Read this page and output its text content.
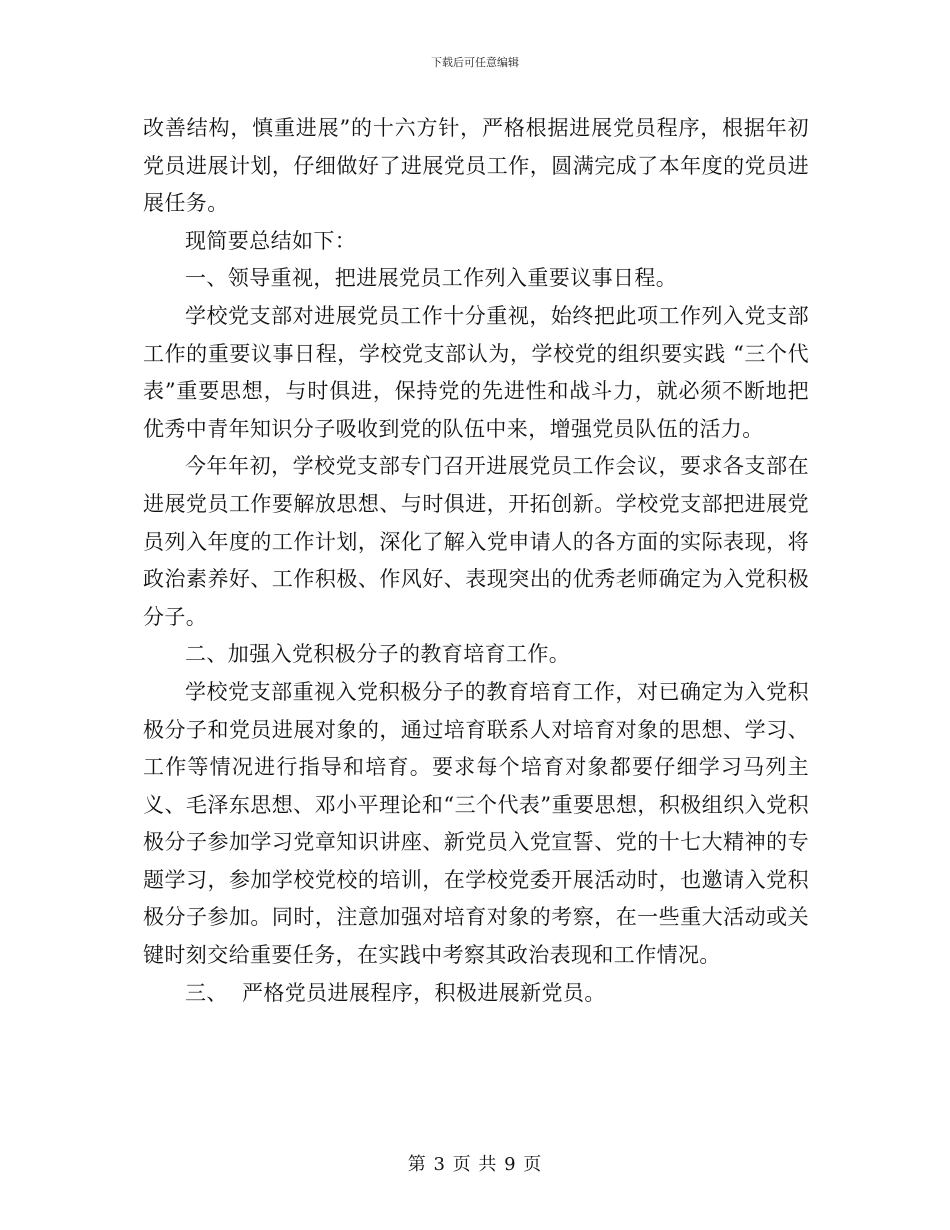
下载后可任意编辑

改善结构，慎重进展”的十六方针，严格根据进展党员程序，根据年初党员进展计划，仔细做好了进展党员工作，圆满完成了本年度的党员进展任务。

现简要总结如下：

一、领导重视，把进展党员工作列入重要议事日程。

学校党支部对进展党员工作十分重视，始终把此项工作列入党支部工作的重要议事日程，学校党支部认为，学校党的组织要实践 “三个代表”重要思想，与时俱进，保持党的先进性和战斗力，就必须不断地把优秀中青年知识分子吸收到党的队伍中来，增强党员队伍的活力。

今年年初，学校党支部专门召开进展党员工作会议，要求各支部在进展党员工作要解放思想、与时俱进，开拓创新。学校党支部把进展党员列入年度的工作计划，深化了解入党申请人的各方面的实际表现，将政治素养好、工作积极、作风好、表现突出的优秀老师确定为入党积极分子。

二、加强入党积极分子的教育培育工作。

学校党支部重视入党积极分子的教育培育工作，对已确定为入党积极分子和党员进展对象的，通过培育联系人对培育对象的思想、学习、工作等情况进行指导和培育。要求每个培育对象都要仔细学习马列主义、毛泽东思想、邓小平理论和“三个代表”重要思想，积极组织入党积极分子参加学习党章知识讲座、新党员入党宣誓、党的十七大精神的专题学习，参加学校党校的培训，在学校党委开展活动时，也邀请入党积极分子参加。同时，注意加强对培育对象的考察，在一些重大活动或关键时刻交给重要任务，在实践中考察其政治表现和工作情况。

三、  严格党员进展程序，积极进展新党员。

第 3 页 共 9 页
